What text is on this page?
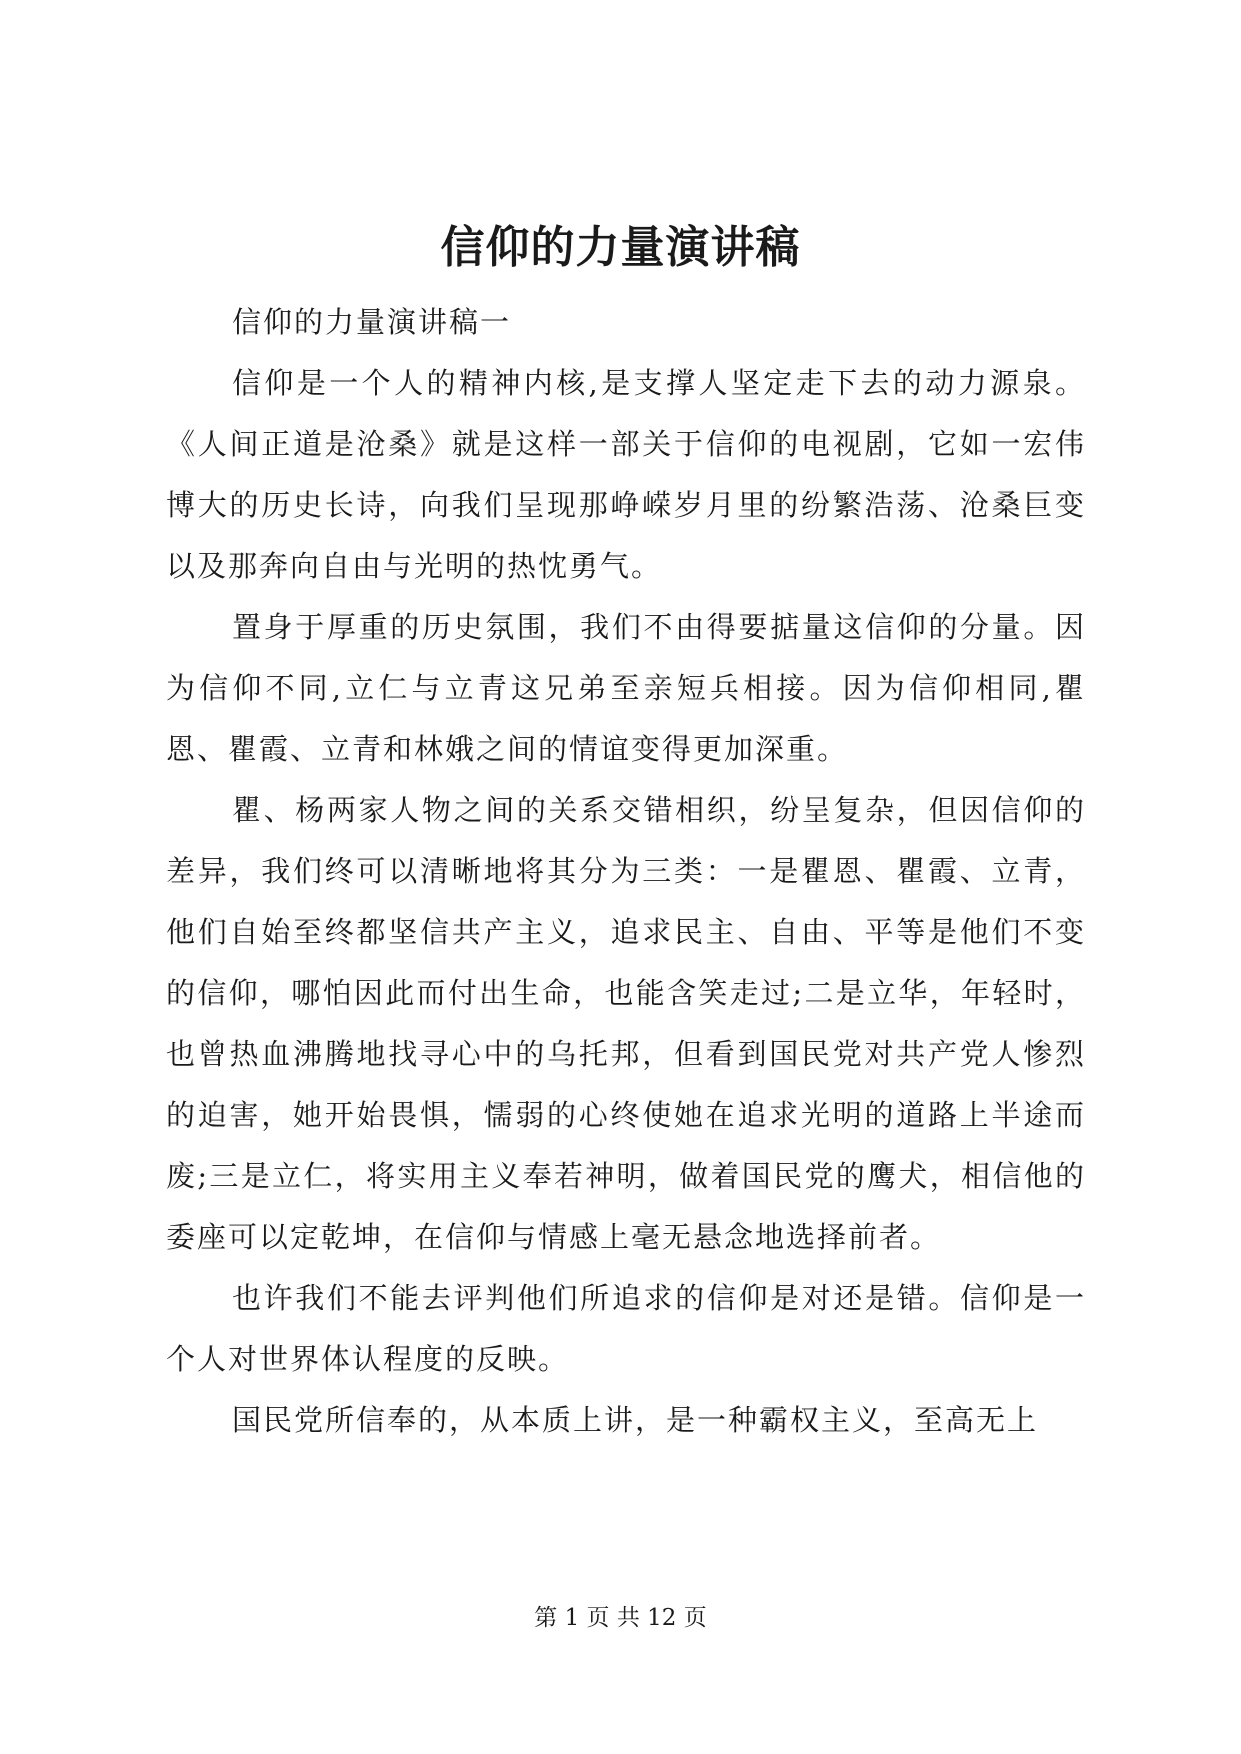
信仰的力量演讲稿

信仰的力量演讲稿一

信仰是一个人的精神内核,是支撑人坚定走下去的动力源泉。《人间正道是沧桑》就是这样一部关于信仰的电视剧，它如一宏伟博大的历史长诗，向我们呈现那峥嵘岁月里的纷繁浩荡、沧桑巨变以及那奔向自由与光明的热忱勇气。

置身于厚重的历史氛围，我们不由得要掂量这信仰的分量。因为信仰不同,立仁与立青这兄弟至亲短兵相接。因为信仰相同,瞿恩、瞿霞、立青和林娥之间的情谊变得更加深重。

瞿、杨两家人物之间的关系交错相织，纷呈复杂，但因信仰的差异，我们终可以清晰地将其分为三类：一是瞿恩、瞿霞、立青，他们自始至终都坚信共产主义，追求民主、自由、平等是他们不变的信仰，哪怕因此而付出生命，也能含笑走过;二是立华，年轻时，也曾热血沸腾地找寻心中的乌托邦，但看到国民党对共产党人惨烈的迫害，她开始畏惧，懦弱的心终使她在追求光明的道路上半途而废;三是立仁，将实用主义奉若神明，做着国民党的鹰犬，相信他的委座可以定乾坤，在信仰与情感上毫无悬念地选择前者。

也许我们不能去评判他们所追求的信仰是对还是错。信仰是一个人对世界体认程度的反映。

国民党所信奉的，从本质上讲，是一种霸权主义，至高无上

第 1 页 共 12 页
